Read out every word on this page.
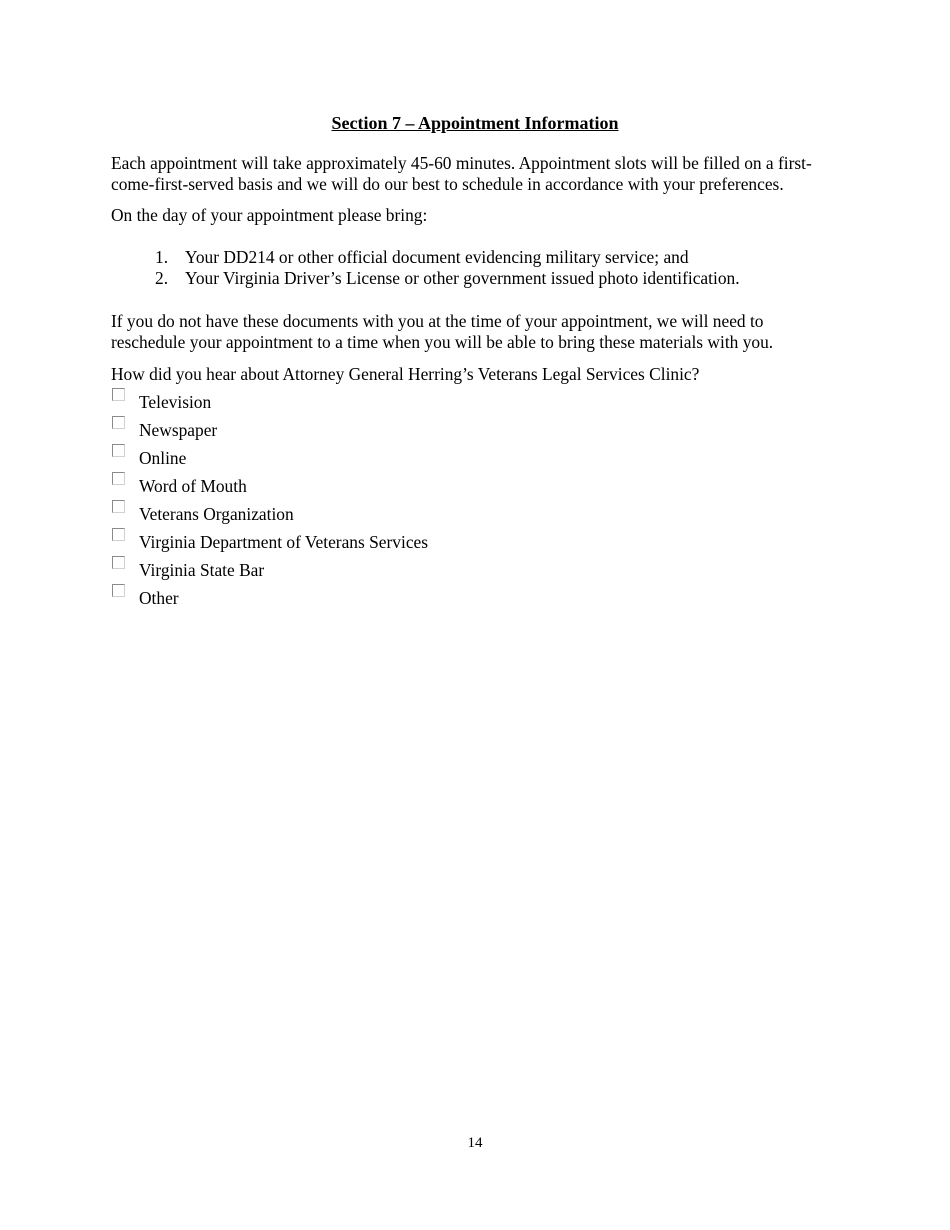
Section 7 – Appointment Information

Each appointment will take approximately 45-60 minutes. Appointment slots will be filled on a first-come-first-served basis and we will do our best to schedule in accordance with your preferences.

On the day of your appointment please bring:

1. Your DD214 or other official document evidencing military service; and
2. Your Virginia Driver’s License or other government issued photo identification.

If you do not have these documents with you at the time of your appointment, we will need to reschedule your appointment to a time when you will be able to bring these materials with you.

How did you hear about Attorney General Herring’s Veterans Legal Services Clinic?

Television
Newspaper
Online
Word of Mouth
Veterans Organization
Virginia Department of Veterans Services
Virginia State Bar
Other
14
